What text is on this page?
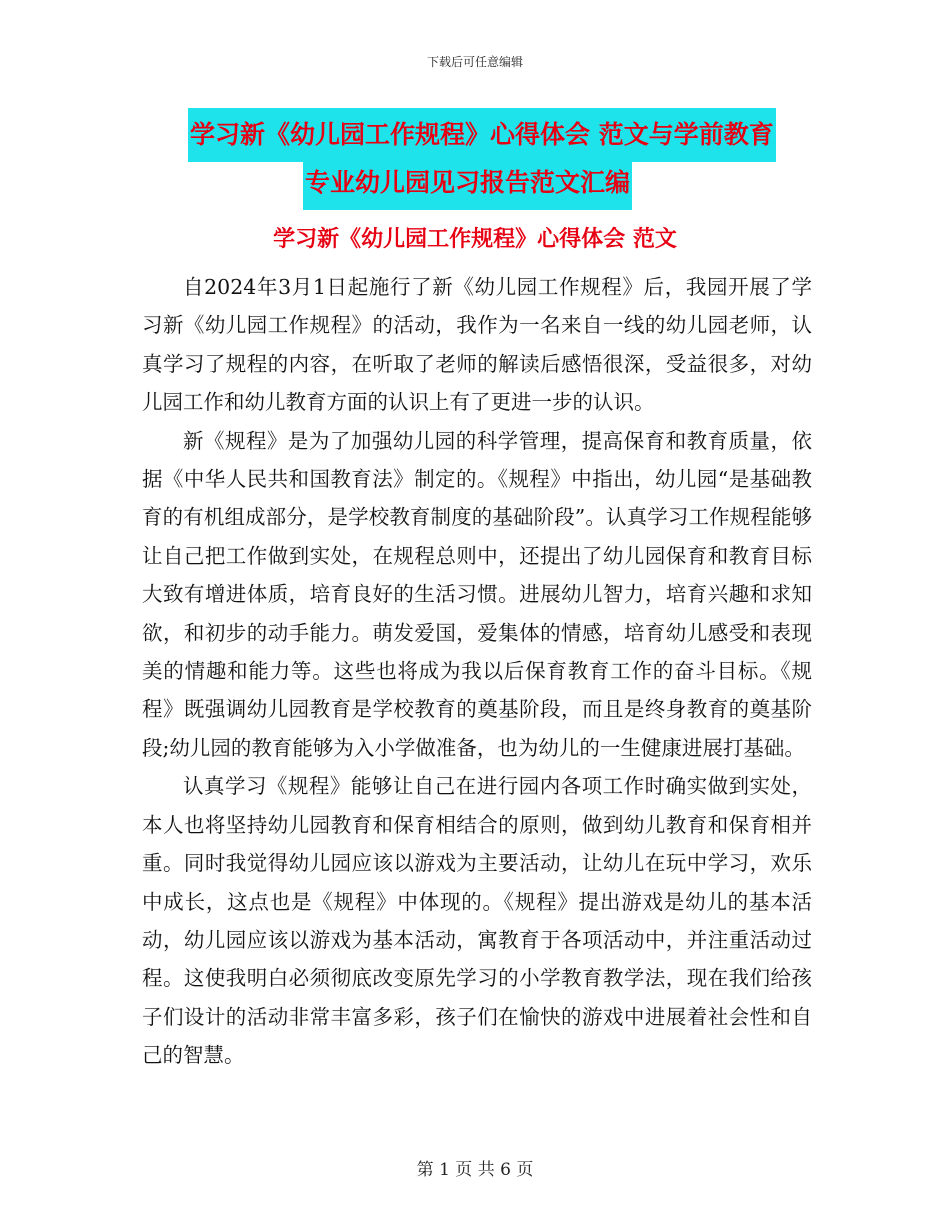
下载后可任意编辑
学习新《幼儿园工作规程》心得体会 范文与学前教育
专业幼儿园见习报告范文汇编
学习新《幼儿园工作规程》心得体会 范文

自2024年3月1日起施行了新《幼儿园工作规程》后，我园开展了学习新《幼儿园工作规程》的活动，我作为一名来自一线的幼儿园老师，认真学习了规程的内容，在听取了老师的解读后感悟很深，受益很多，对幼儿园工作和幼儿教育方面的认识上有了更进一步的认识。

新《规程》是为了加强幼儿园的科学管理，提高保育和教育质量，依据《中华人民共和国教育法》制定的。《规程》中指出，幼儿园“是基础教育的有机组成部分，是学校教育制度的基础阶段”。认真学习工作规程能够让自己把工作做到实处，在规程总则中，还提出了幼儿园保育和教育目标大致有增进体质，培育良好的生活习惯。进展幼儿智力，培育兴趣和求知欲，和初步的动手能力。萌发爱国，爱集体的情感，培育幼儿感受和表现美的情趣和能力等。这些也将成为我以后保育教育工作的奋斗目标。《规程》既强调幼儿园教育是学校教育的奠基阶段，而且是终身教育的奠基阶段;幼儿园的教育能够为入小学做准备，也为幼儿的一生健康进展打基础。

认真学习《规程》能够让自己在进行园内各项工作时确实做到实处，本人也将坚持幼儿园教育和保育相结合的原则，做到幼儿教育和保育相并重。同时我觉得幼儿园应该以游戏为主要活动，让幼儿在玩中学习，欢乐中成长，这点也是《规程》中体现的。《规程》提出游戏是幼儿的基本活动，幼儿园应该以游戏为基本活动，寓教育于各项活动中，并注重活动过程。这使我明白必须彻底改变原先学习的小学教育教学法，现在我们给孩子们设计的活动非常丰富多彩，孩子们在愉快的游戏中进展着社会性和自己的智慧。

第 1 页 共 6 页
